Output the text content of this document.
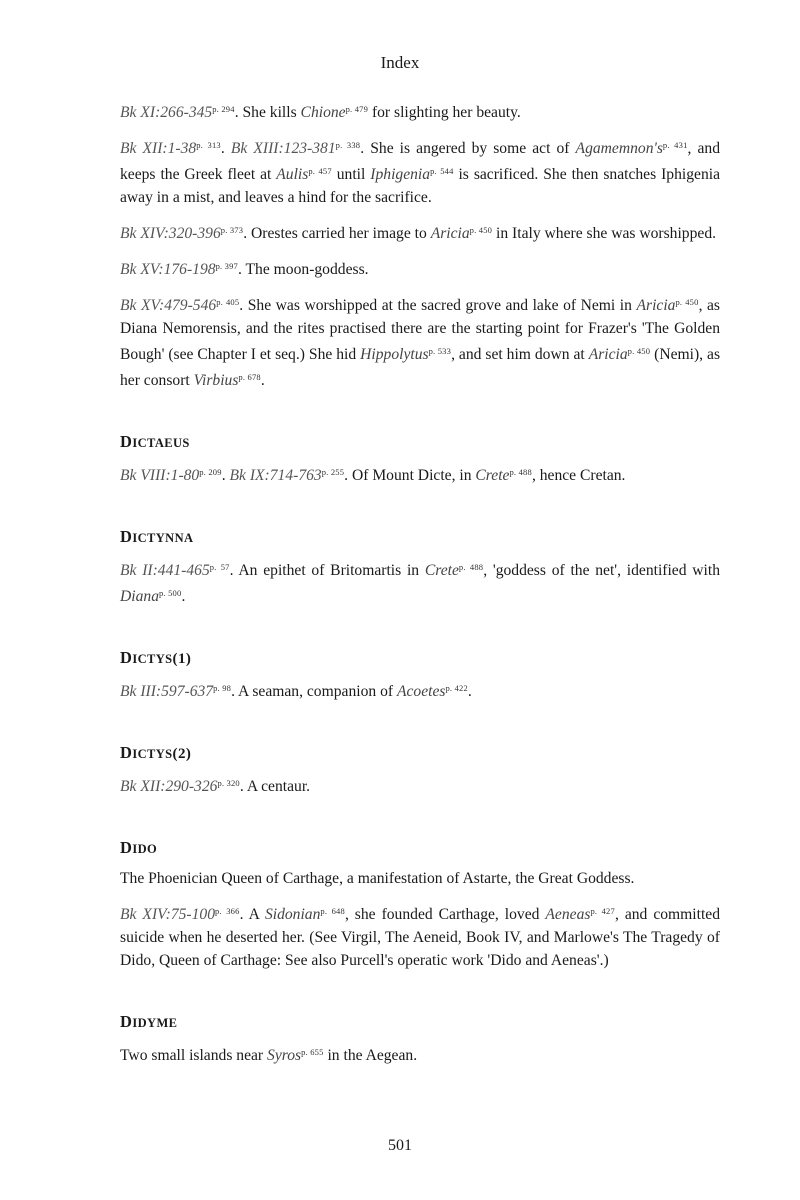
Index

Bk $XI:266-345^{p. 294}$. She kills Chione$^{p. 479}$ for slighting her beauty.

Bk $XII:1-38^{p. 313}$. Bk $XIII:123-381^{p. 338}$. She is angered by some act of $Agamemnon's^{p. 431}$, and keeps the Greek fleet at Aulis$^{p. 457}$ until Iphigenia$^{p. 544}$ is sacrificed. She then snatches Iphigenia away in a mist, and leaves a hind for the sacrifice.

Bk $XIV:320-396^{p. 373}$. Orestes carried her image to Aricia$^{p. 450}$ in Italy where she was worshipped.

Bk $XV:176-198^{p. 397}$. The moon-goddess.

Bk $XV:479-546^{p. 405}$. She was worshipped at the sacred grove and lake of Nemi in Aricia$^{p. 450}$, as Diana Nemorensis, and the rites practised there are the starting point for Frazer's 'The Golden Bough' (see Chapter I et seq.) She hid Hippolytus$^{p. 533}$, and set him down at Aricia$^{p. 450}$ (Nemi), as her consort Virbius$^{p. 678}$.

DICTAEUS

Bk $VIII:1-80^{p. 209}$. Bk $IX:714-763^{p. 255}$. Of Mount Dicte, in Crete$^{p. 488}$, hence Cretan.

DICTYNNA

Bk $II:441-465^{p. 57}$. An epithet of Britomartis in Crete$^{p. 488}$, 'goddess of the net', identified with Diana$^{p. 500}$.

DICTYS(1)

Bk $III:597-637^{p. 98}$. A seaman, companion of Acoetes$^{p. 422}$.

DICTYS(2)

Bk $XII:290-326^{p. 320}$. A centaur.

DIDO

The Phoenician Queen of Carthage, a manifestation of Astarte, the Great Goddess.

Bk $XIV:75-100^{p. 366}$. A Sidonian$^{p. 648}$, she founded Carthage, loved Aeneas$^{p. 427}$, and committed suicide when he deserted her. (See Virgil, The Aeneid, Book IV, and Marlowe's The Tragedy of Dido, Queen of Carthage: See also Purcell's operatic work 'Dido and Aeneas'.)

DIDYME

Two small islands near Syros$^{p. 655}$ in the Aegean.

501
